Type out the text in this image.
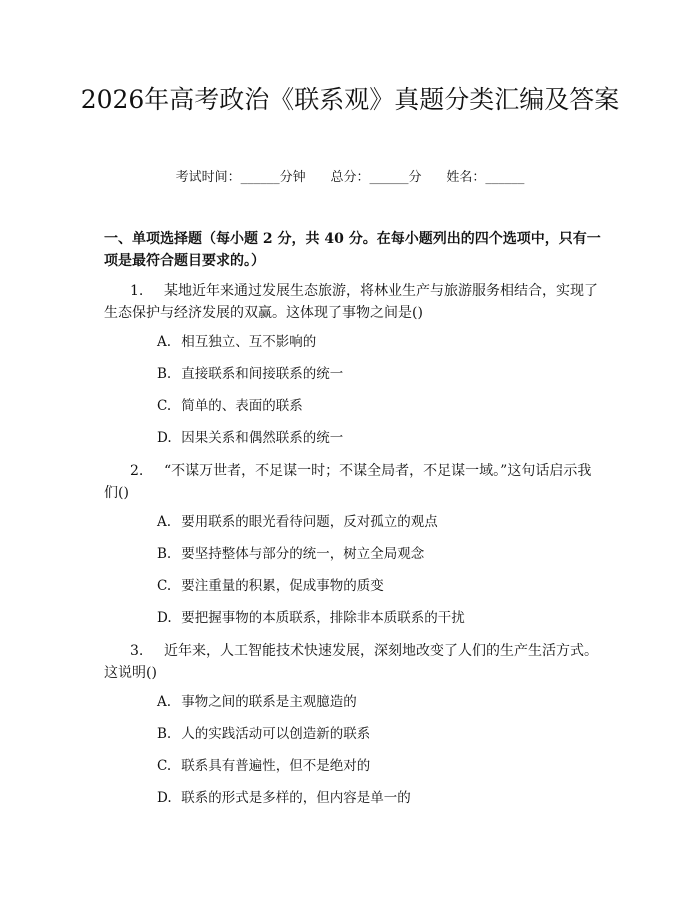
2026年高考政治《联系观》真题分类汇编及答案
考试时间：______分钟 总分：______分 姓名：______

一、单项选择题（每小题 2 分，共 40 分。在每小题列出的四个选项中，只有一项是最符合题目要求的。）

1. 某地近年来通过发展生态旅游，将林业生产与旅游服务相结合，实现了生态保护与经济发展的双赢。这体现了事物之间是()

A. 相互独立、互不影响的
B. 直接联系和间接联系的统一
C. 简单的、表面的联系
D. 因果关系和偶然联系的统一

2. “不谋万世者，不足谋一时；不谋全局者，不足谋一域。”这句话启示我们()

A. 要用联系的眼光看待问题，反对孤立的观点
B. 要坚持整体与部分的统一，树立全局观念
C. 要注重量的积累，促成事物的质变
D. 要把握事物的本质联系，排除非本质联系的干扰

3. 近年来，人工智能技术快速发展，深刻地改变了人们的生产生活方式。这说明()

A. 事物之间的联系是主观臆造的
B. 人的实践活动可以创造新的联系
C. 联系具有普遍性，但不是绝对的
D. 联系的形式是多样的，但内容是单一的
